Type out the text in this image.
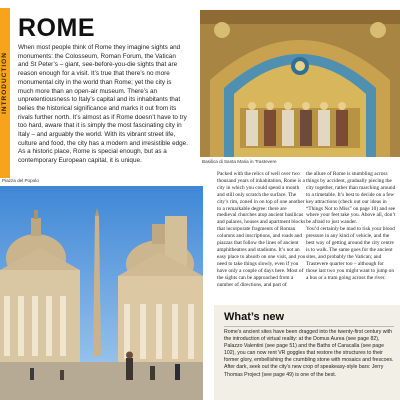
INTRODUCTION
ROME

When most people think of Rome they imagine sights and monuments: the Colosseum, Roman Forum, the Vatican and St Peter’s – giant, see-before-you-die sights that are reason enough for a visit. It’s true that there’s no more monumental city in the world than Rome; yet the city is much more than an open-air museum. There’s an unpretentiousness to Italy’s capital and its inhabitants that belies the historical significance and marks it out from its rivals further north. It’s almost as if Rome doesn’t have to try too hard, aware that it is simply the most fascinating city in Italy – and arguably the world. With its vibrant street life, culture and food, the city has a modern and irresistible edge. As a historic place, Rome is special enough, but as a contemporary European capital, it is unique.

Piazza del Popolo
Basilica di Santa Maria in Trastevere

Packed with the relics of well over two thousand years of inhabitation, Rome is a city in which you could spend a month and still only scratch the surface. The city’s rim, zoned in on top of one another to a remarkable degree: there are medieval churches atop ancient basilicas and palaces, houses and apartment blocks that incorporate fragments of Roman columns and inscriptions, and roads and piazzas that follow the lines of ancient amphitheatres and stadiums. It’s not an easy place to absorb on one visit, and you need to take things slowly, even if you have only a couple of days here. Most of the sights can be approached from a number of directions, and part of

the allure of Rome is stumbling across things by accident, gradually piecing the city together, rather than marching around to a timetable. It’s best to decide on a few key attractions (check out our ideas in “Things Not to Miss” on page 10) and see where your feet take you. Above all, don’t be afraid to just wander.
You’d certainly be mad to risk your blood pressure in any kind of vehicle, and the best way of getting around the city centre is to walk. The same goes for the ancient sites, and probably the Vatican; and Trastevere quarter too – although for those last two you might want to jump on a bus or a tram going across the river.

What’s new

Rome’s ancient sites have been dragged into the twenty-first century with the introduction of virtual reality: at the Domus Aurea (see page 82), Palazzo Valentini (see page 51) and the Baths of Caracalla (see page 102), you can now rent VR goggles that restore the structures to their former glory, embellishing the crumbling stone with mosaics and frescoes. After dark, seek out the city’s new crop of speakeasy-style bars: Jerry Thomas Project (see page 49) is one of the best.
